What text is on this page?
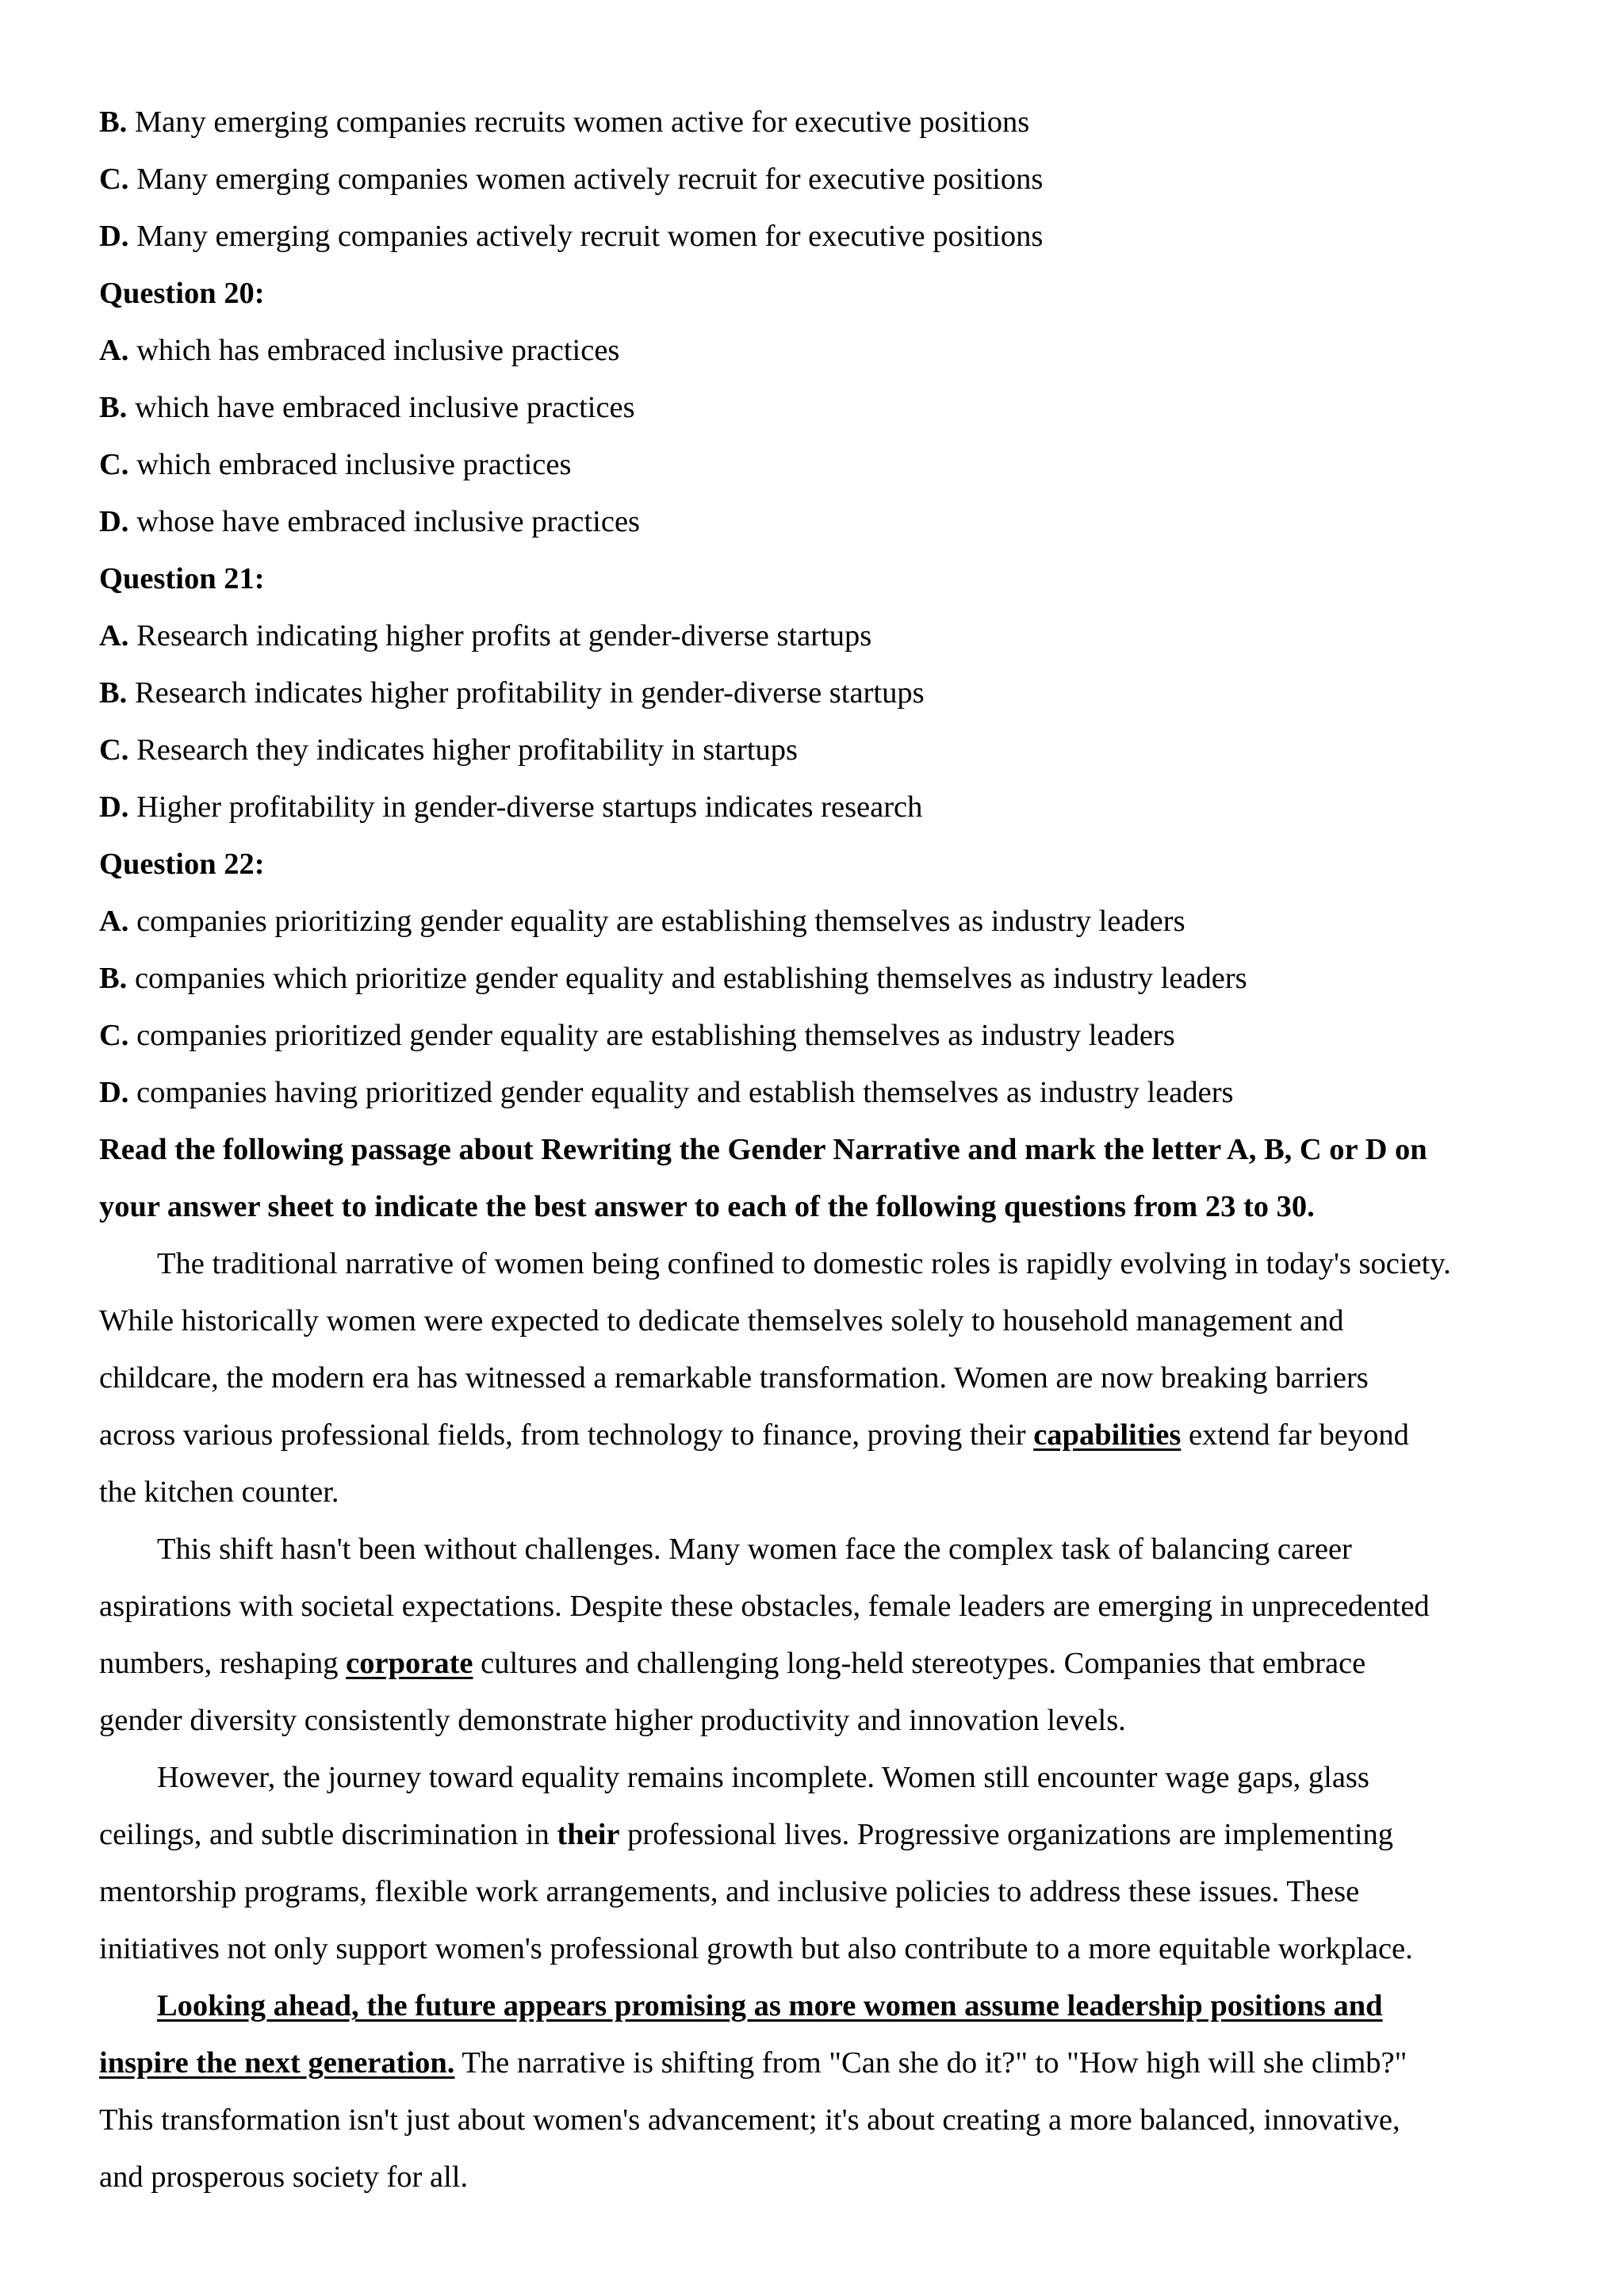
B. Many emerging companies recruits women active for executive positions
C. Many emerging companies women actively recruit for executive positions
D. Many emerging companies actively recruit women for executive positions
Question 20:
A. which has embraced inclusive practices
B. which have embraced inclusive practices
C. which embraced inclusive practices
D. whose have embraced inclusive practices
Question 21:
A. Research indicating higher profits at gender-diverse startups
B. Research indicates higher profitability in gender-diverse startups
C. Research they indicates higher profitability in startups
D. Higher profitability in gender-diverse startups indicates research
Question 22:
A. companies prioritizing gender equality are establishing themselves as industry leaders
B. companies which prioritize gender equality and establishing themselves as industry leaders
C. companies prioritized gender equality are establishing themselves as industry leaders
D. companies having prioritized gender equality and establish themselves as industry leaders
Read the following passage about Rewriting the Gender Narrative and mark the letter A, B, C or D on
your answer sheet to indicate the best answer to each of the following questions from 23 to 30.
The traditional narrative of women being confined to domestic roles is rapidly evolving in today's society.
While historically women were expected to dedicate themselves solely to household management and
childcare, the modern era has witnessed a remarkable transformation. Women are now breaking barriers
across various professional fields, from technology to finance, proving their capabilities extend far beyond
the kitchen counter.
This shift hasn't been without challenges. Many women face the complex task of balancing career
aspirations with societal expectations. Despite these obstacles, female leaders are emerging in unprecedented
numbers, reshaping corporate cultures and challenging long-held stereotypes. Companies that embrace
gender diversity consistently demonstrate higher productivity and innovation levels.
However, the journey toward equality remains incomplete. Women still encounter wage gaps, glass
ceilings, and subtle discrimination in their professional lives. Progressive organizations are implementing
mentorship programs, flexible work arrangements, and inclusive policies to address these issues. These
initiatives not only support women's professional growth but also contribute to a more equitable workplace.
Looking ahead, the future appears promising as more women assume leadership positions and
inspire the next generation. The narrative is shifting from "Can she do it?" to "How high will she climb?"
This transformation isn't just about women's advancement; it's about creating a more balanced, innovative,
and prosperous society for all.
